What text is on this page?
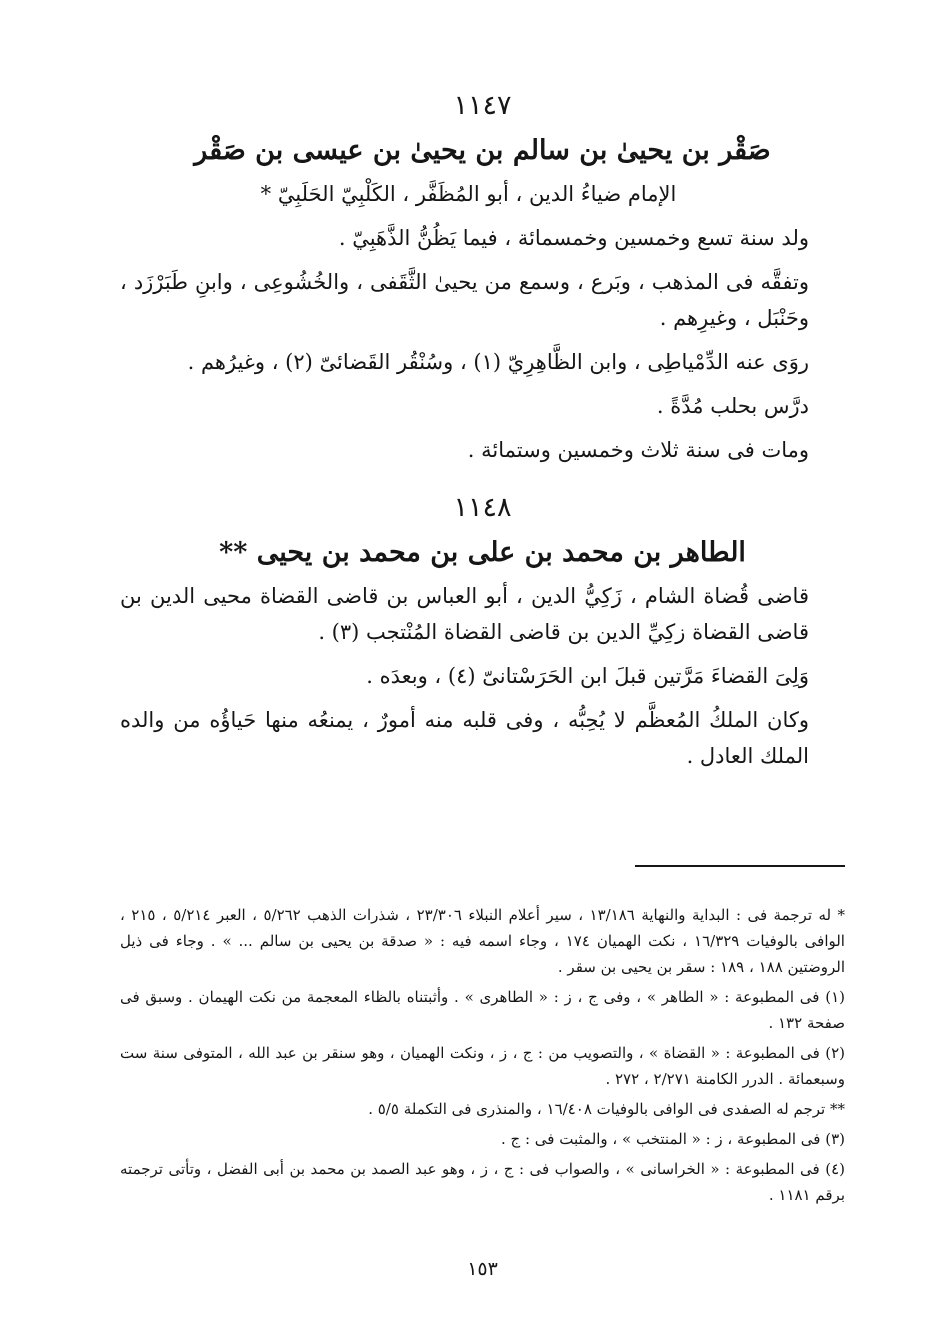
١١٤٧
صَقْر بن يحيىٰ بن سالم بن يحيىٰ بن عيسى بن صَقْر

الإمام ضياءُ الدين ، أبو المُظَفَّر ، الكَلْبِيّ الحَلَبِيّ *

ولد سنة تسع وخمسين وخمسمائة ، فيما يَظُنُّ الذَّهَبِيّ .

وتفقَّه فى المذهب ، وبَرع ، وسمع من يحيىٰ الثَّقَفى ، والخُشُوعِى ، وابنِ طَبَرْزَد ، وحَنْبَل ، وغيرِهم .

روَى عنه الدِّمْياطِى ، وابن الظَّاهِرِيّ (١) ، وسُنْقُر القَضائىّ (٢) ، وغيرُهم .

درَّس بحلب مُدَّةً .

ومات فى سنة ثلاث وخمسين وستمائة .

١١٤٨
الطاهر بن محمد بن على بن محمد بن يحيى **

قاضى قُضاة الشام ، زَكِيُّ الدين ، أبو العباس بن قاضى القضاة محيى الدين بن قاضى القضاة زكِيِّ الدين بن قاضى القضاة المُنْتجب (٣) .

وَلِىَ القضاءَ مَرَّتين قبلَ ابن الحَرَسْتانىّ (٤) ، وبعدَه .

وكان الملكُ المُعظَّم لا يُحِبُّه ، وفى قلبه منه أمورٌ ، يمنعُه منها حَياؤُه من والده الملك العادل .

* له ترجمة فى : البداية والنهاية ١٣/١٨٦ ، سير أعلام النبلاء ٢٣/٣٠٦ ، شذرات الذهب ٥/٢٦٢ ، العبر ٥/٢١٤ ، ٢١٥ ، الوافى بالوفيات ١٦/٣٢٩ ، نكت الهميان ١٧٤ ، وجاء اسمه فيه : « صدقة بن يحيى بن سالم ... » . وجاء فى ذيل الروضتين ١٨٨ ، ١٨٩ : سقر بن يحيى بن سقر .

(١) فى المطبوعة : « الطاهر » ، وفى ج ، ز : « الطاهرى » . وأثبتناه بالظاء المعجمة من نكت الهيمان . وسبق فى صفحة ١٣٢ .

(٢) فى المطبوعة : « القضاة » ، والتصويب من : ج ، ز ، ونكت الهميان ، وهو سنقر بن عبد الله ، المتوفى سنة ست وسبعمائة . الدرر الكامنة ٢/٢٧١ ، ٢٧٢ .

** ترجم له الصفدى فى الوافى بالوفيات ١٦/٤٠٨ ، والمنذرى فى التكملة ٥/٥ .

(٣) فى المطبوعة ، ز : « المنتخب » ، والمثبت فى : ج .

(٤) فى المطبوعة : « الخراسانى » ، والصواب فى : ج ، ز ، وهو عبد الصمد بن محمد بن أبى الفضل ، وتأتى ترجمته برقم ١١٨١ .

١٥٣
